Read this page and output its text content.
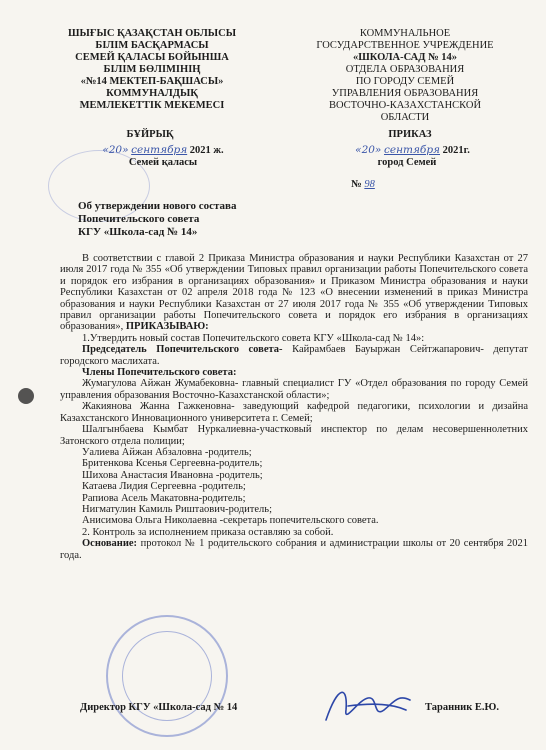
ШЫҒЫС ҚАЗАҚСТАН ОБЛЫСЫ
БІЛІМ БАСҚАРМАСЫ
СЕМЕЙ ҚАЛАСЫ БОЙЫНША
БІЛІМ БӨЛІМІНІҢ
«№14 МЕКТЕП-БАҚШАСЫ»
КОММУНАЛДЫҚ
МЕМЛЕКЕТТІК МЕКЕМЕСІ
КОММУНАЛЬНОЕ
ГОСУДАРСТВЕННОЕ УЧРЕЖДЕНИЕ
«ШКОЛА-САД № 14»
ОТДЕЛА ОБРАЗОВАНИЯ
ПО ГОРОДУ СЕМЕЙ
УПРАВЛЕНИЯ ОБРАЗОВАНИЯ
ВОСТОЧНО-КАЗАХСТАНСКОЙ
ОБЛАСТИ
БҰЙРЫҚ
«20» сентября 2021 ж.
Семей қаласы
ПРИКАЗ
«20» сентября 2021г.
город Семей
№ 98
Об утверждении нового состава
Попечительского совета
КГУ «Школа-сад № 14»

В соответствии с главой 2 Приказа Министра образования и науки Республики Казахстан от 27 июля 2017 года № 355 «Об утверждении Типовых правил организации работы Попечительского совета и порядок его избрания в организациях образования» и Приказом Министра образования и науки Республики Казахстан от 02 апреля 2018 года № 123 «О внесении изменений в приказ Министра образования и науки Республики Казахстан от 27 июля 2017 года № 355 «Об утверждении Типовых правил организации работы Попечительского совета и порядок его избрания в организациях образования», ПРИКАЗЫВАЮ:

1.Утвердить новый состав Попечительского совета КГУ «Школа-сад № 14»:

Председатель Попечительского совета- Кайрамбаев Бауыржан Сейтжапарович- депутат городского маслихата.

Члены Попечительского совета:

Жумагулова Айжан Жумабековна- главный специалист ГУ «Отдел образования по городу Семей управления образования Восточно-Казахстанской области»;

Жакиянова Жанна Гажкеновна- заведующий кафедрой педагогики, психологии и дизайна Казахстанского Инновационного университета г. Семей;

Шалгынбаева Кымбат Нуркалиевна-участковый инспектор по делам несовершеннолетних Затонского отдела полиции;

Уалиева Айжан Абзаловна -родитель;

Бритенкова Ксенья Сергеевна-родитель;

Шихова Анастасия Ивановна -родитель;

Катаева Лидия Сергеевна -родитель;

Рапиова Асель Макатовна-родитель;

Нигматулин Камиль Риштаович-родитель;

Анисимова Ольга Николаевна -секретарь попечительского совета.

2. Контроль за исполнением приказа оставляю за собой.

Основание: протокол № 1 родительского собрания и администрации школы от 20 сентября 2021 года.

Директор КГУ «Школа-сад № 14	Таранник Е.Ю.
